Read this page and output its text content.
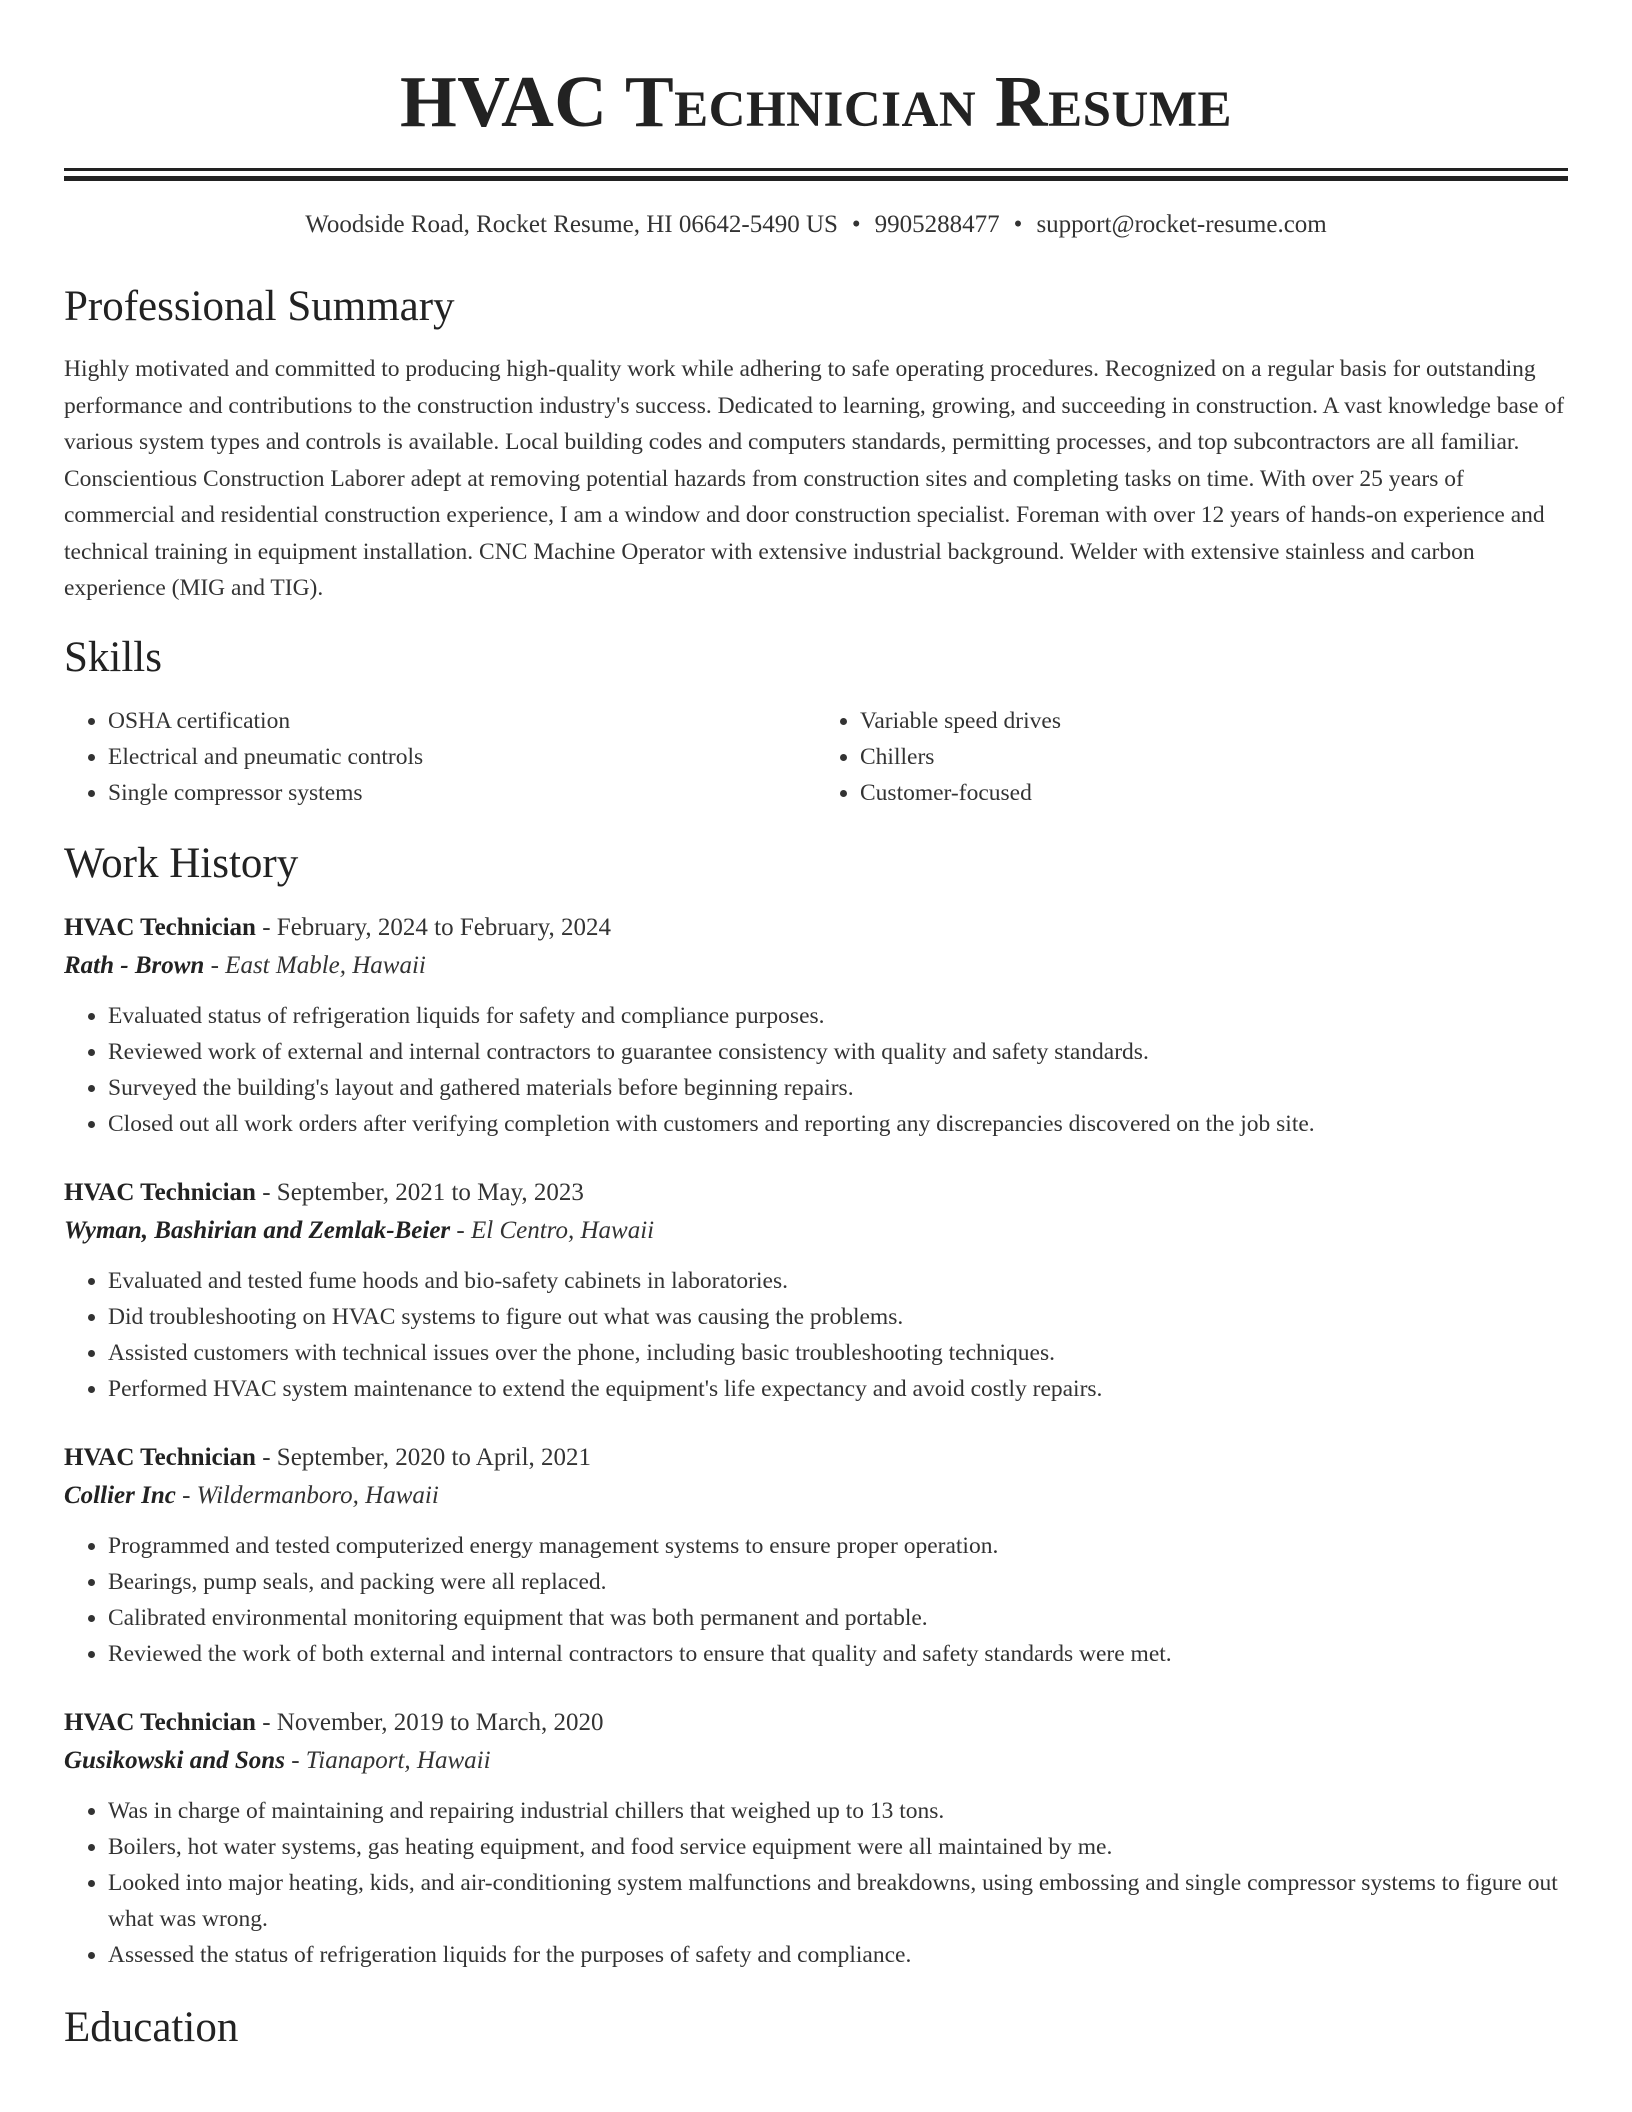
HVAC Technician Resume
Woodside Road, Rocket Resume, HI 06642-5490 US • 9905288477 • support@rocket-resume.com
Professional Summary

Highly motivated and committed to producing high-quality work while adhering to safe operating procedures. Recognized on a regular basis for outstanding performance and contributions to the construction industry's success. Dedicated to learning, growing, and succeeding in construction. A vast knowledge base of various system types and controls is available. Local building codes and computers standards, permitting processes, and top subcontractors are all familiar. Conscientious Construction Laborer adept at removing potential hazards from construction sites and completing tasks on time. With over 25 years of commercial and residential construction experience, I am a window and door construction specialist. Foreman with over 12 years of hands-on experience and technical training in equipment installation. CNC Machine Operator with extensive industrial background. Welder with extensive stainless and carbon experience (MIG and TIG).

Skills
• OSHA certification
• Electrical and pneumatic controls
• Single compressor systems
• Variable speed drives
• Chillers
• Customer-focused
Work History
HVAC Technician - February, 2024 to February, 2024
Rath - Brown - East Mable, Hawaii
• Evaluated status of refrigeration liquids for safety and compliance purposes.
• Reviewed work of external and internal contractors to guarantee consistency with quality and safety standards.
• Surveyed the building's layout and gathered materials before beginning repairs.
• Closed out all work orders after verifying completion with customers and reporting any discrepancies discovered on the job site.
HVAC Technician - September, 2021 to May, 2023
Wyman, Bashirian and Zemlak-Beier - El Centro, Hawaii
• Evaluated and tested fume hoods and bio-safety cabinets in laboratories.
• Did troubleshooting on HVAC systems to figure out what was causing the problems.
• Assisted customers with technical issues over the phone, including basic troubleshooting techniques.
• Performed HVAC system maintenance to extend the equipment's life expectancy and avoid costly repairs.
HVAC Technician - September, 2020 to April, 2021
Collier Inc - Wildermanboro, Hawaii
• Programmed and tested computerized energy management systems to ensure proper operation.
• Bearings, pump seals, and packing were all replaced.
• Calibrated environmental monitoring equipment that was both permanent and portable.
• Reviewed the work of both external and internal contractors to ensure that quality and safety standards were met.
HVAC Technician - November, 2019 to March, 2020
Gusikowski and Sons - Tianaport, Hawaii
• Was in charge of maintaining and repairing industrial chillers that weighed up to 13 tons.
• Boilers, hot water systems, gas heating equipment, and food service equipment were all maintained by me.
• Looked into major heating, kids, and air-conditioning system malfunctions and breakdowns, using embossing and single compressor systems to figure out what was wrong.
• Assessed the status of refrigeration liquids for the purposes of safety and compliance.
Education
